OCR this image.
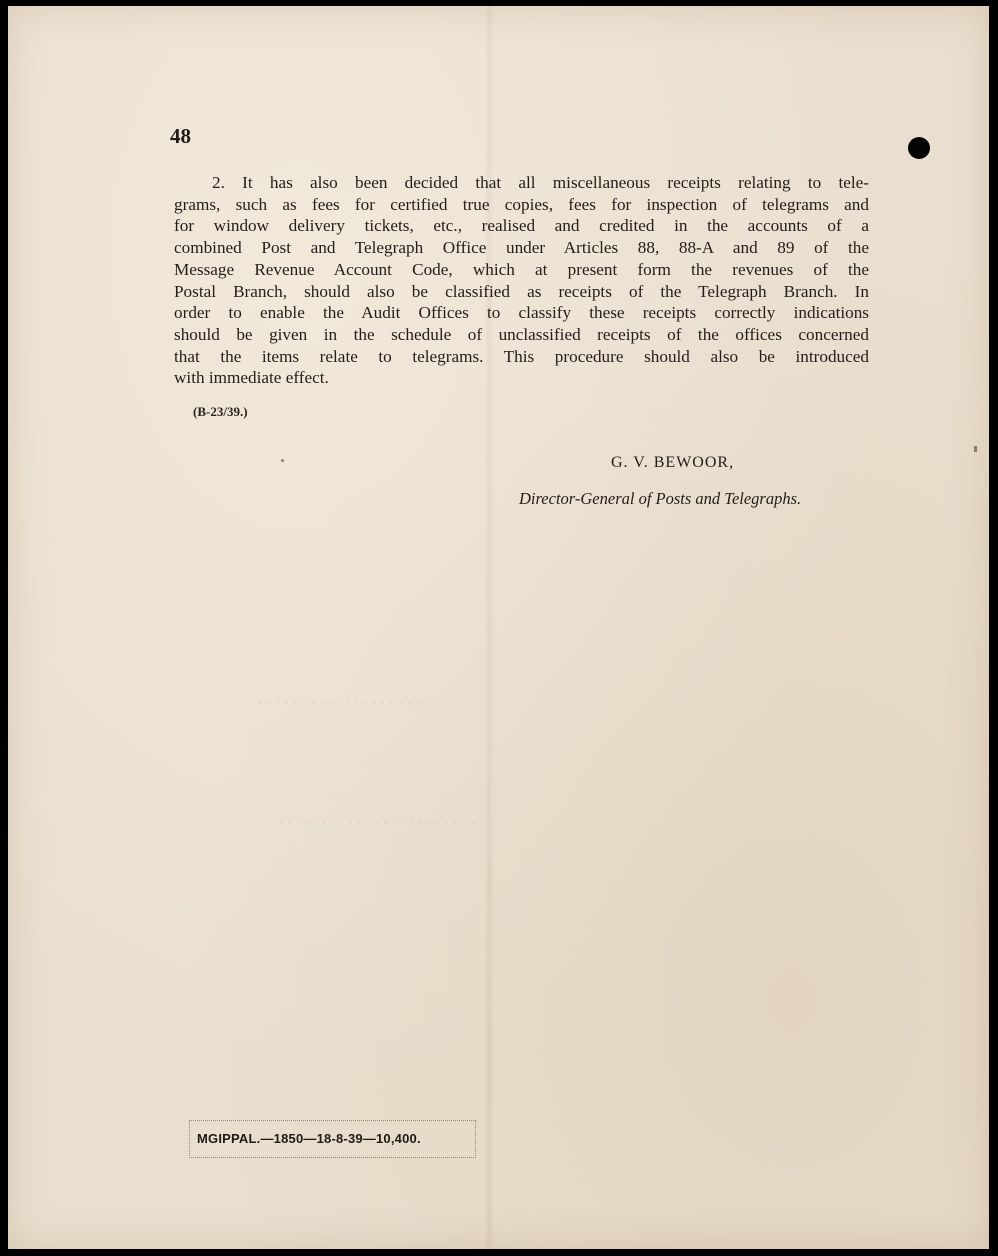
· · · · · · · · · · · · · · · · · · · ·
· · · · · · · · · · · · · · · · · · · · · · ·
48
2. It has also been decided that all miscellaneous receipts relating to tele-
grams, such as fees for certified true copies, fees for inspection of telegrams and
for window delivery tickets, etc., realised and credited in the accounts of a
combined Post and Telegraph Office under Articles 88, 88-A and 89 of the
Message Revenue Account Code, which at present form the revenues of the
Postal Branch, should also be classified as receipts of the Telegraph Branch. In
order to enable the Audit Offices to classify these receipts correctly indications
should be given in the schedule of unclassified receipts of the offices concerned
that the items relate to telegrams. This procedure should also be introduced
with immediate effect.
(B-23/39.)
G. V. BEWOOR,
Director-General of Posts and Telegraphs.
MGIPPAL.—1850—18-8-39—10,400.
